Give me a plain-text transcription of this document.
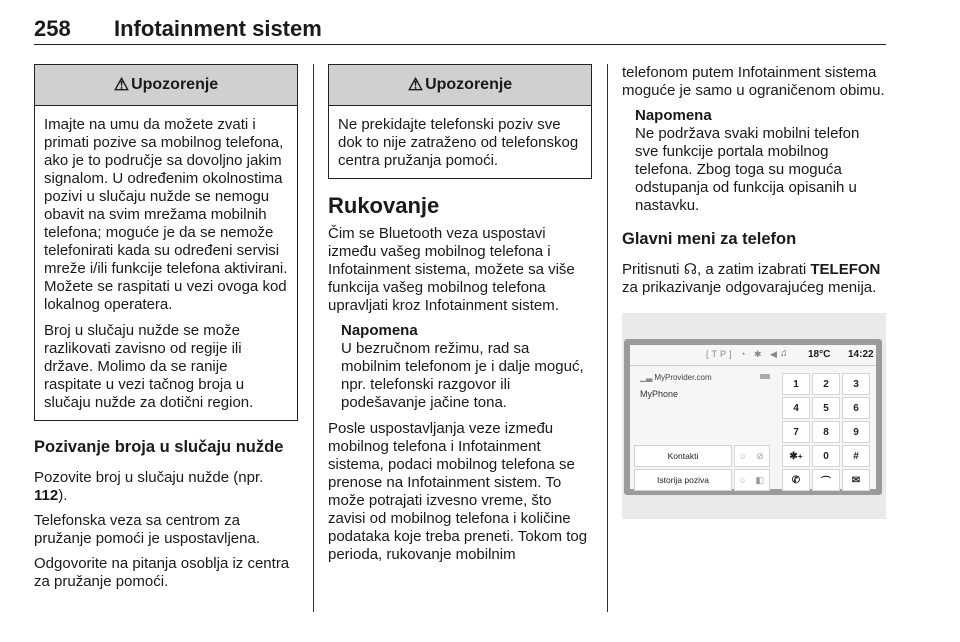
258 Infotainment sistem
⚠ Upozorenje

Imajte na umu da možete zvati i primati pozive sa mobilnog telefona, ako je to područje sa dovoljno jakim signalom. U određenim okolnostima pozivi u slučaju nužde se nemogu obavit na svim mrežama mobilnih telefona; moguće je da se nemože telefonirati kada su određeni servisi mreže i/ili funkcije telefona aktivirani. Možete se raspitati u vezi ovoga kod lokalnog operatera.

Broj u slučaju nužde se može razlikovati zavisno od regije ili države. Molimo da se ranije raspitate u vezi tačnog broja u slučaju nužde za dotični region.

Pozivanje broja u slučaju nužde

Pozovite broj u slučaju nužde (npr. 112).

Telefonska veza sa centrom za pružanje pomoći je uspostavljena.

Odgovorite na pitanja osoblja iz centra za pružanje pomoći.

⚠ Upozorenje

Ne prekidajte telefonski poziv sve dok to nije zatraženo od telefonskog centra pružanja pomoći.

Rukovanje

Čim se Bluetooth veza uspostavi između vašeg mobilnog telefona i Infotainment sistema, možete sa više funkcija vašeg mobilnog telefona upravljati kroz Infotainment sistem.

Napomena
U bezručnom režimu, rad sa mobilnim telefonom je i dalje moguć, npr. telefonski razgovor ili podešavanje jačine tona.

Posle uspostavljanja veze između mobilnog telefona i Infotainment sistema, podaci mobilnog telefona se prenose na Infotainment sistem. To može potrajati izvesno vreme, što zavisi od mobilnog telefona i količine podataka koje treba preneti. Tokom tog perioda, rukovanje mobilnim

telefonom putem Infotainment sistema moguće je samo u ograničenom obimu.

Napomena
Ne podržava svaki mobilni telefon sve funkcije portala mobilnog telefona. Zbog toga su moguća odstupanja od funkcija opisanih u nastavku.
Glavni meni za telefon

Pritisnuti ☊, a zatim izabrati TELEFON za prikazivanje odgovarajućeg menija.

[TP] ◔ ✱ ◀ ♫ 18°C 14:22
▁▃ MyProvider.com
MyPhone
1	2	3
4	5	6
7	8	9
✱ +	0	#
✆	⌒	✉
Kontakti	○ ⊘
Istorija poziva	○ ◧
